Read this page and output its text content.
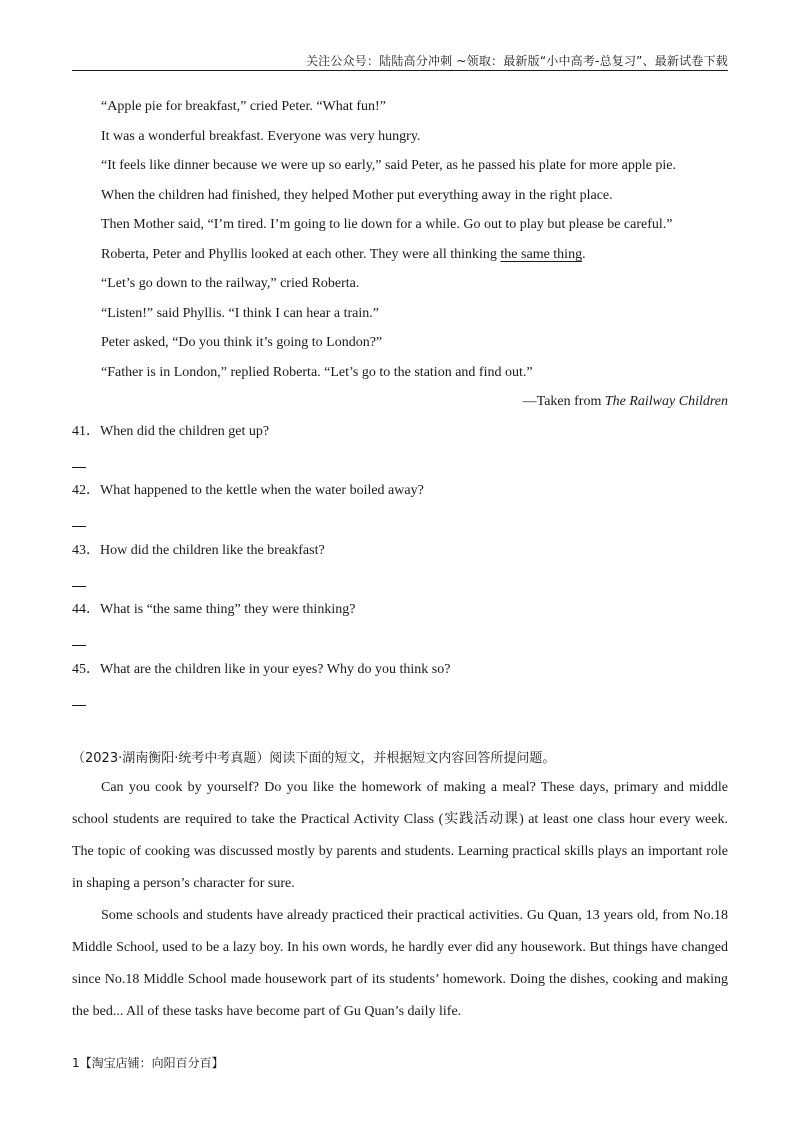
关注公众号：陆陆高分冲刺 ~领取：最新版“小中高考-总复习”、最新试卷下载
“Apple pie for breakfast,” cried Peter. “What fun!”
It was a wonderful breakfast. Everyone was very hungry.
“It feels like dinner because we were up so early,” said Peter, as he passed his plate for more apple pie.
When the children had finished, they helped Mother put everything away in the right place.
Then Mother said, “I’m tired. I’m going to lie down for a while. Go out to play but please be careful.”
Roberta, Peter and Phyllis looked at each other. They were all thinking the same thing.
“Let’s go down to the railway,” cried Roberta.
“Listen!” said Phyllis. “I think I can hear a train.”
Peter asked, “Do you think it’s going to London?”
“Father is in London,” replied Roberta. “Let’s go to the station and find out.”
—Taken from The Railway Children
41．When did the children get up?
42．What happened to the kettle when the water boiled away?
43．How did the children like the breakfast?
44．What is “the same thing” they were thinking?
45．What are the children like in your eyes? Why do you think so?
（2023·湖南衡阳·统考中考真题）阅读下面的短文，并根据短文内容回答所提问题。

Can you cook by yourself? Do you like the homework of making a meal? These days, primary and middle school students are required to take the Practical Activity Class (实践活动课) at least one class hour every week. The topic of cooking was discussed mostly by parents and students. Learning practical skills plays an important role in shaping a person’s character for sure.

Some schools and students have already practiced their practical activities. Gu Quan, 13 years old, from No.18 Middle School, used to be a lazy boy. In his own words, he hardly ever did any housework. But things have changed since No.18 Middle School made housework part of its students’ homework. Doing the dishes, cooking and making the bed... All of these tasks have become part of Gu Quan’s daily life.

1【淘宝店铺：向阳百分百】
